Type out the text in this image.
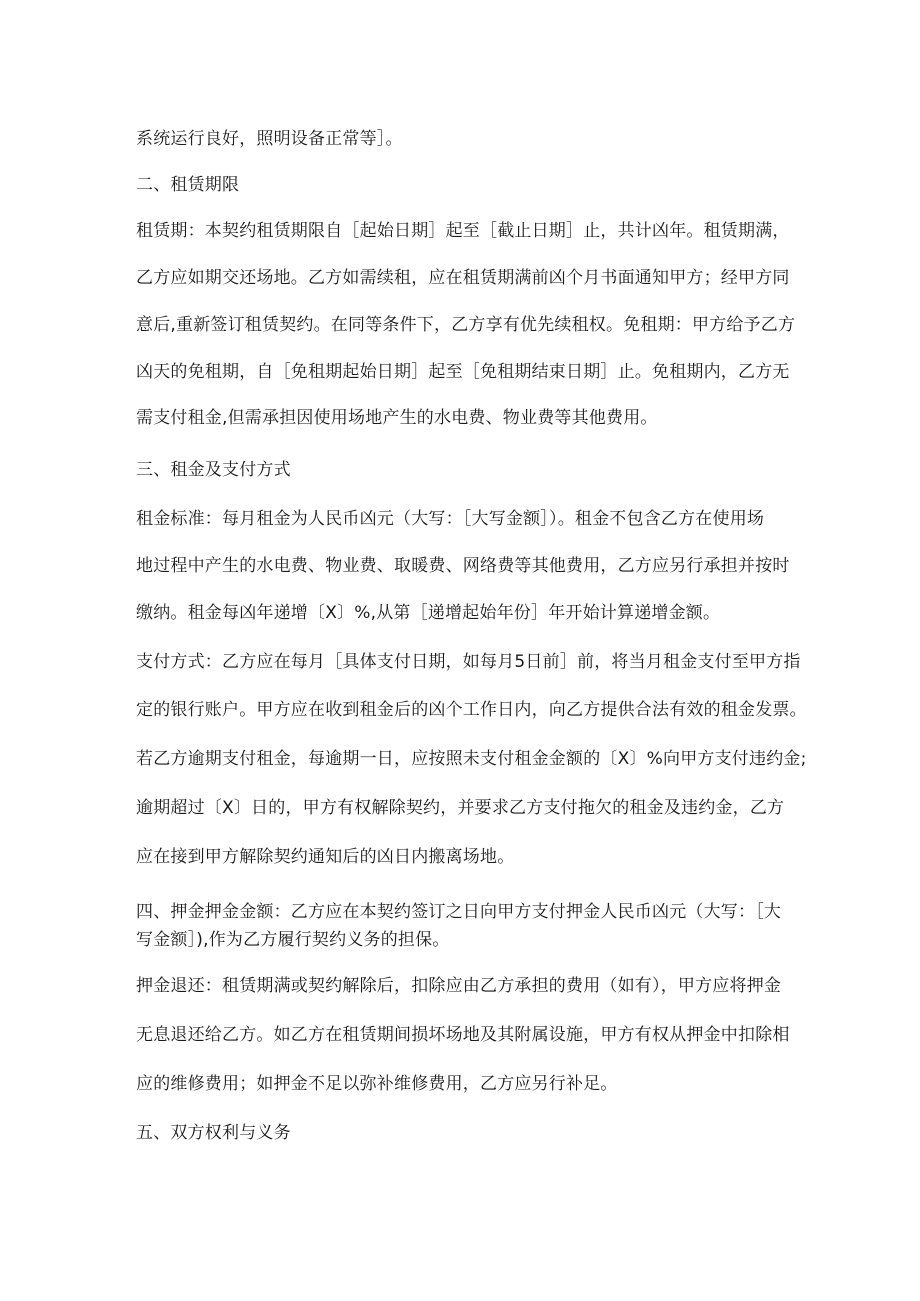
系统运行良好，照明设备正常等］。

二、租赁期限

租赁期：本契约租赁期限自［起始日期］起至［截止日期］止，共计凶年。租赁期满，

乙方应如期交还场地。乙方如需续租，应在租赁期满前凶个月书面通知甲方；经甲方同

意后,重新签订租赁契约。在同等条件下，乙方享有优先续租权。免租期：甲方给予乙方

凶天的免租期，自［免租期起始日期］起至［免租期结束日期］止。免租期内，乙方无

需支付租金,但需承担因使用场地产生的水电费、物业费等其他费用。

三、租金及支付方式

租金标准：每月租金为人民币凶元（大写：［大写金额］）。租金不包含乙方在使用场

地过程中产生的水电费、物业费、取暖费、网络费等其他费用，乙方应另行承担并按时

缴纳。租金每凶年递增〔X〕%,从第［递增起始年份］年开始计算递增金额。

支付方式：乙方应在每月［具体支付日期，如每月5日前］前，将当月租金支付至甲方指

定的银行账户。甲方应在收到租金后的凶个工作日内，向乙方提供合法有效的租金发票。

若乙方逾期支付租金，每逾期一日，应按照未支付租金金额的〔X〕%向甲方支付违约金;

逾期超过〔X〕日的，甲方有权解除契约，并要求乙方支付拖欠的租金及违约金，乙方

应在接到甲方解除契约通知后的凶日内搬离场地。

四、押金押金金额：乙方应在本契约签订之日向甲方支付押金人民币凶元（大写：［大

写金额］),作为乙方履行契约义务的担保。

押金退还：租赁期满或契约解除后，扣除应由乙方承担的费用（如有），甲方应将押金

无息退还给乙方。如乙方在租赁期间损坏场地及其附属设施，甲方有权从押金中扣除相

应的维修费用；如押金不足以弥补维修费用，乙方应另行补足。

五、双方权利与义务
